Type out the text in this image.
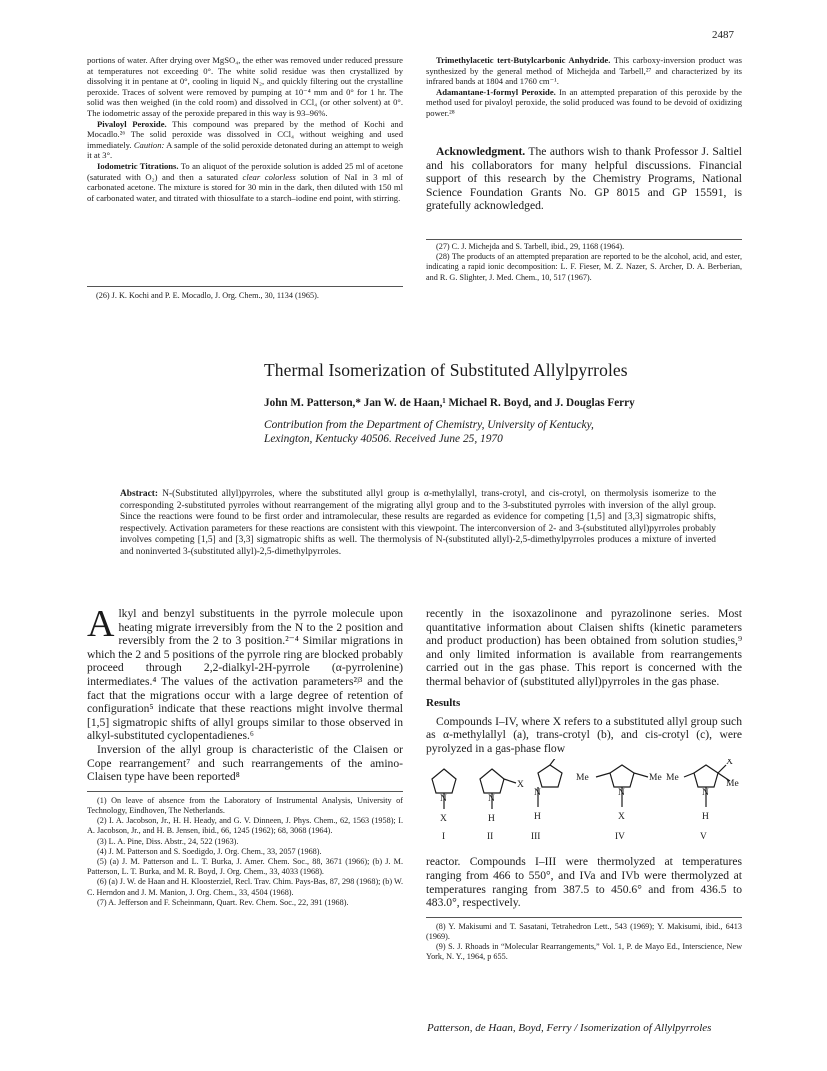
2487

portions of water. After drying over MgSO₄, the ether was removed under reduced pressure at temperatures not exceeding 0°. The white solid residue was then crystallized by dissolving it in pentane at 0°, cooling in liquid N₂, and quickly filtering out the crystalline peroxide. Traces of solvent were removed by pumping at 10⁻⁴ mm and 0° for 1 hr. The solid was then weighed (in the cold room) and dissolved in CCl₄ (or other solvent) at 0°. The iodometric assay of the peroxide prepared in this way is 93–96%.

Pivaloyl Peroxide. This compound was prepared by the method of Kochi and Mocadlo.²⁶ The solid peroxide was dissolved in CCl₄ without weighing and used immediately. Caution: A sample of the solid peroxide detonated during an attempt to weigh it at 3°.

Iodometric Titrations. To an aliquot of the peroxide solution is added 25 ml of acetone (saturated with O₂) and then a saturated clear colorless solution of NaI in 3 ml of carbonated acetone. The mixture is stored for 30 min in the dark, then diluted with 150 ml of carbonated water, and titrated with thiosulfate to a starch–iodine end point, with stirring.

(26) J. K. Kochi and P. E. Mocadlo, J. Org. Chem., 30, 1134 (1965).

Trimethylacetic tert-Butylcarbonic Anhydride. This carboxy-inversion product was synthesized by the general method of Michejda and Tarbell,²⁷ and characterized by its infrared bands at 1804 and 1760 cm⁻¹.

Adamantane-1-formyl Peroxide. In an attempted preparation of this peroxide by the method used for pivaloyl peroxide, the solid produced was found to be devoid of oxidizing power.²⁸

Acknowledgment. The authors wish to thank Professor J. Saltiel and his collaborators for many helpful discussions. Financial support of this research by the Chemistry Programs, National Science Foundation Grants No. GP 8015 and GP 15591, is gratefully acknowledged.
(27) C. J. Michejda and S. Tarbell, ibid., 29, 1168 (1964).
(28) The products of an attempted preparation are reported to be the alcohol, acid, and ester, indicating a rapid ionic decomposition: L. F. Fieser, M. Z. Nazer, S. Archer, D. A. Berberian, and R. G. Slighter, J. Med. Chem., 10, 517 (1967).
Thermal Isomerization of Substituted Allylpyrroles
John M. Patterson,* Jan W. de Haan,¹ Michael R. Boyd, and J. Douglas Ferry
Contribution from the Department of Chemistry, University of Kentucky,
Lexington, Kentucky 40506. Received June 25, 1970
Abstract: N-(Substituted allyl)pyrroles, where the substituted allyl group is α-methylallyl, trans-crotyl, and cis-crotyl, on thermolysis isomerize to the corresponding 2-substituted pyrroles without rearrangement of the migrating allyl group and to the 3-substituted pyrroles with inversion of the allyl group. Since the reactions were found to be first order and intramolecular, these results are regarded as evidence for competing [1,5] and [3,3] sigmatropic shifts, respectively. Activation parameters for these reactions are consistent with this viewpoint. The interconversion of 2- and 3-(substituted allyl)pyrroles probably involves competing [1,5] and [3,3] sigmatropic shifts as well. The thermolysis of N-(substituted allyl)-2,5-dimethylpyrroles produces a mixture of inverted and noninverted 3-(substituted allyl)-2,5-dimethylpyrroles.
Alkyl and benzyl substituents in the pyrrole molecule upon heating migrate irreversibly from the N to the 2 position and reversibly from the 2 to 3 position.²⁻⁴ Similar migrations in which the 2 and 5 positions of the pyrrole ring are blocked probably proceed through 2,2-dialkyl-2H-pyrrole (α-pyrrolenine) intermediates.⁴ The values of the activation parameters²ʲ³ and the fact that the migrations occur with a large degree of retention of configuration⁵ indicate that these reactions might involve thermal [1,5] sigmatropic shifts of allyl groups similar to those observed in alkyl-substituted cyclopentadienes.⁶
Inversion of the allyl group is characteristic of the Claisen or Cope rearrangement⁷ and such rearrangements of the amino-Claisen type have been reported⁸
(1) On leave of absence from the Laboratory of Instrumental Analysis, University of Technology, Eindhoven, The Netherlands.
(2) I. A. Jacobson, Jr., H. H. Heady, and G. V. Dinneen, J. Phys. Chem., 62, 1563 (1958); I. A. Jacobson, Jr., and H. B. Jensen, ibid., 66, 1245 (1962); 68, 3068 (1964).
(3) L. A. Pine, Diss. Abstr., 24, 522 (1963).
(4) J. M. Patterson and S. Soedigdo, J. Org. Chem., 33, 2057 (1968).
(5) (a) J. M. Patterson and L. T. Burka, J. Amer. Chem. Soc., 88, 3671 (1966); (b) J. M. Patterson, L. T. Burka, and M. R. Boyd, J. Org. Chem., 33, 4033 (1968).
(6) (a) J. W. de Haan and H. Kloosterziel, Recl. Trav. Chim. Pays-Bas, 87, 298 (1968); (b) W. C. Herndon and J. M. Manion, J. Org. Chem., 33, 4504 (1968).
(7) A. Jefferson and F. Scheinmann, Quart. Rev. Chem. Soc., 22, 391 (1968).
recently in the isoxazolinone and pyrazolinone series. Most quantitative information about Claisen shifts (kinetic parameters and product production) has been obtained from solution studies,⁹ and only limited information is available from rearrangements carried out in the gas phase. This report is concerned with the thermal behavior of (substituted allyl)pyrroles in the gas phase.
Results
Compounds I–IV, where X refers to a substituted allyl group such as α-methylallyl (a), trans-crotyl (b), and cis-crotyl (c), were pyrolyzed in a gas-phase flow
N
X
N
X
H
N
H
Me	Me
N
X
Me
X
Me
N
H
I	II	III	IV	V
reactor. Compounds I–III were thermolyzed at temperatures ranging from 466 to 550°, and IVa and IVb were thermolyzed at temperatures ranging from 387.5 to 450.6° and from 436.5 to 483.0°, respectively.
(8) Y. Makisumi and T. Sasatani, Tetrahedron Lett., 543 (1969); Y. Makisumi, ibid., 6413 (1969).
(9) S. J. Rhoads in “Molecular Rearrangements,” Vol. 1, P. de Mayo Ed., Interscience, New York, N. Y., 1964, p 655.
Patterson, de Haan, Boyd, Ferry / Isomerization of Allylpyrroles
